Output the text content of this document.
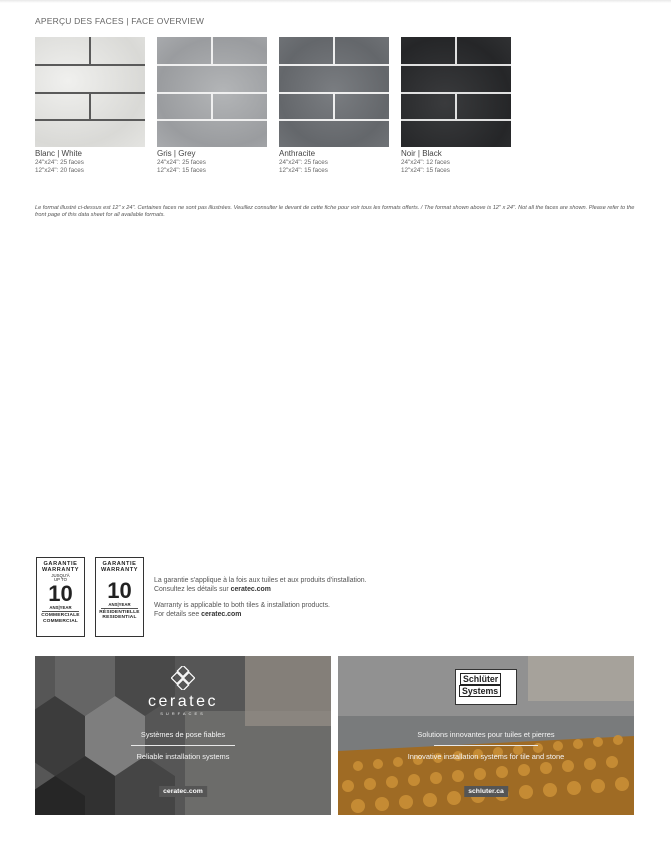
APERÇU DES FACES | FACE OVERVIEW
Blanc | White
24"x24": 25 faces
12"x24": 20 faces
Gris | Grey
24"x24": 25 faces
12"x24": 15 faces
Anthracite
24"x24": 25 faces
12"x24": 15 faces
Noir | Black
24"x24": 12 faces
12"x24": 15 faces
Le format illustré ci-dessus est 12" x 24". Certaines faces ne sont pas illustrées. Veuillez consulter le devant de cette fiche pour voir tous les formats offerts. / The format shown above is 12" x 24". Not all the faces are shown. Please refer to the front page of this data sheet for all available formats.
GARANTIE
WARRANTY
JUSQU'À
UP TO
10
ANS|YEAR
COMMERCIALE
COMMERCIAL
GARANTIE
WARRANTY
10
ANS|YEAR
RÉSIDENTIELLE
RESIDENTIAL

La garantie s'applique à la fois aux tuiles et aux produits d'installation.
Consultez les détails sur ceratec.com

Warranty is applicable to both tiles & installation products.
For details see ceratec.com

ceratec
SURFACES
Systèmes de pose fiables
Reliable installation systems
ceratec.com
Schlüter
Systems
Solutions innovantes pour tuiles et pierres
Innovative installation systems for tile and stone
schluter.ca
